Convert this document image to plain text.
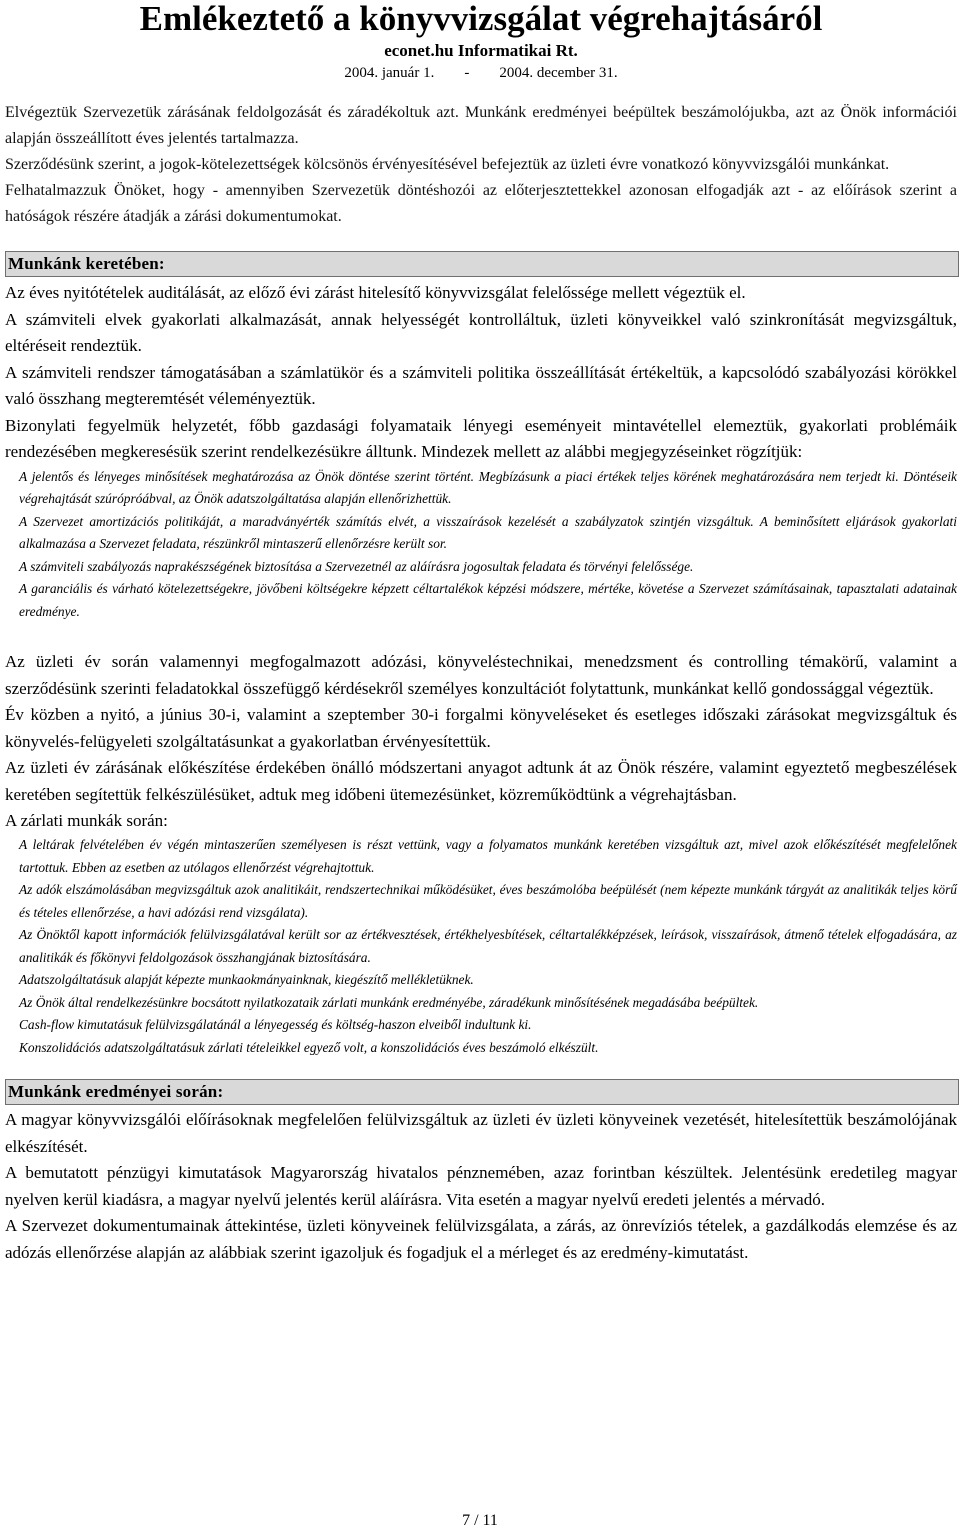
Emlékeztető a könyvvizsgálat végrehajtásáról
econet.hu Informatikai Rt.
2004. január 1. - 2004. december 31.

Elvégeztük Szervezetük zárásának feldolgozását és záradékoltuk azt. Munkánk eredményei beépültek beszámolójukba, azt az Önök információi alapján összeállított éves jelentés tartalmazza.

Szerződésünk szerint, a jogok-kötelezettségek kölcsönös érvényesítésével befejeztük az üzleti évre vonatkozó könyvvizsgálói munkánkat.

Felhatalmazzuk Önöket, hogy - amennyiben Szervezetük döntéshozói az előterjesztettekkel azonosan elfogadják azt - az előírások szerint a hatóságok részére átadják a zárási dokumentumokat.

Munkánk keretében:

Az éves nyitótételek auditálását, az előző évi zárást hitelesítő könyvvizsgálat felelőssége mellett végeztük el.

A számviteli elvek gyakorlati alkalmazását, annak helyességét kontrolláltuk, üzleti könyveikkel való szinkronítását megvizsgáltuk, eltéréseit rendeztük.

A számviteli rendszer támogatásában a számlatükör és a számviteli politika összeállítását értékeltük, a kapcsolódó szabályozási körökkel való összhang megteremtését véleményeztük.

Bizonylati fegyelmük helyzetét, főbb gazdasági folyamataik lényegi eseményeit mintavétellel elemeztük, gyakorlati problémáik rendezésében megkeresésük szerint rendelkezésükre álltunk. Mindezek mellett az alábbi megjegyzéseinket rögzítjük:

A jelentős és lényeges minősítések meghatározása az Önök döntése szerint történt. Megbízásunk a piaci értékek teljes körének meghatározására nem terjedt ki. Döntéseik végrehajtását szúrópróábval, az Önök adatszolgáltatása alapján ellenőrizhettük.

A Szervezet amortizációs politikáját, a maradványérték számítás elvét, a visszaírások kezelését a szabályzatok szintjén vizsgáltuk. A beminősített eljárások gyakorlati alkalmazása a Szervezet feladata, részünkről mintaszerű ellenőrzésre került sor.

A számviteli szabályozás naprakészségének biztosítása a Szervezetnél az aláírásra jogosultak feladata és törvényi felelőssége.

A garanciális és várható kötelezettségekre, jövőbeni költségekre képzett céltartalékok képzési módszere, mértéke, követése a Szervezet számításainak, tapasztalati adatainak eredménye.

Az üzleti év során valamennyi megfogalmazott adózási, könyveléstechnikai, menedzsment és controlling témakörű, valamint a szerződésünk szerinti feladatokkal összefüggő kérdésekről személyes konzultációt folytattunk, munkánkat kellő gondossággal végeztük.

Év közben a nyitó, a június 30-i, valamint a szeptember 30-i forgalmi könyveléseket és esetleges időszaki zárásokat megvizsgáltuk és könyvelés-felügyeleti szolgáltatásunkat a gyakorlatban érvényesítettük.

Az üzleti év zárásának előkészítése érdekében önálló módszertani anyagot adtunk át az Önök részére, valamint egyeztető megbeszélések keretében segítettük felkészülésüket, adtuk meg időbeni ütemezésünket, közreműködtünk a végrehajtásban.

A zárlati munkák során:

A leltárak felvételében év végén mintaszerűen személyesen is részt vettünk, vagy a folyamatos munkánk keretében vizsgáltuk azt, mivel azok előkészítését megfelelőnek tartottuk. Ebben az esetben az utólagos ellenőrzést végrehajtottuk.

Az adók elszámolásában megvizsgáltuk azok analitikáit, rendszertechnikai működésüket, éves beszámolóba beépülését (nem képezte munkánk tárgyát az analitikák teljes körű és tételes ellenőrzése, a havi adózási rend vizsgálata).

Az Önöktől kapott információk felülvizsgálatával került sor az értékvesztések, értékhelyesbítések, céltartalékképzések, leírások, visszaírások, átmenő tételek elfogadására, az analitikák és főkönyvi feldolgozások összhangjának biztosítására.

Adatszolgáltatásuk alapját képezte munkaokmányainknak, kiegészítő mellékletüknek.

Az Önök által rendelkezésünkre bocsátott nyilatkozataik zárlati munkánk eredményébe, záradékunk minősítésének megadásába beépültek.

Cash-flow kimutatásuk felülvizsgálatánál a lényegesség és költség-haszon elveiből indultunk ki.

Konszolidációs adatszolgáltatásuk zárlati tételeikkel egyező volt, a konszolidációs éves beszámoló elkészült.

Munkánk eredményei során:

A magyar könyvvizsgálói előírásoknak megfelelően felülvizsgáltuk az üzleti év üzleti könyveinek vezetését, hitelesítettük beszámolójának elkészítését.

A bemutatott pénzügyi kimutatások Magyarország hivatalos pénznemében, azaz forintban készültek. Jelentésünk eredetileg magyar nyelven kerül kiadásra, a magyar nyelvű jelentés kerül aláírásra. Vita esetén a magyar nyelvű eredeti jelentés a mérvadó.

A Szervezet dokumentumainak áttekintése, üzleti könyveinek felülvizsgálata, a zárás, az önrevíziós tételek, a gazdálkodás elemzése és az adózás ellenőrzése alapján az alábbiak szerint igazoljuk és fogadjuk el a mérleget és az eredmény-kimutatást.

7 / 11
